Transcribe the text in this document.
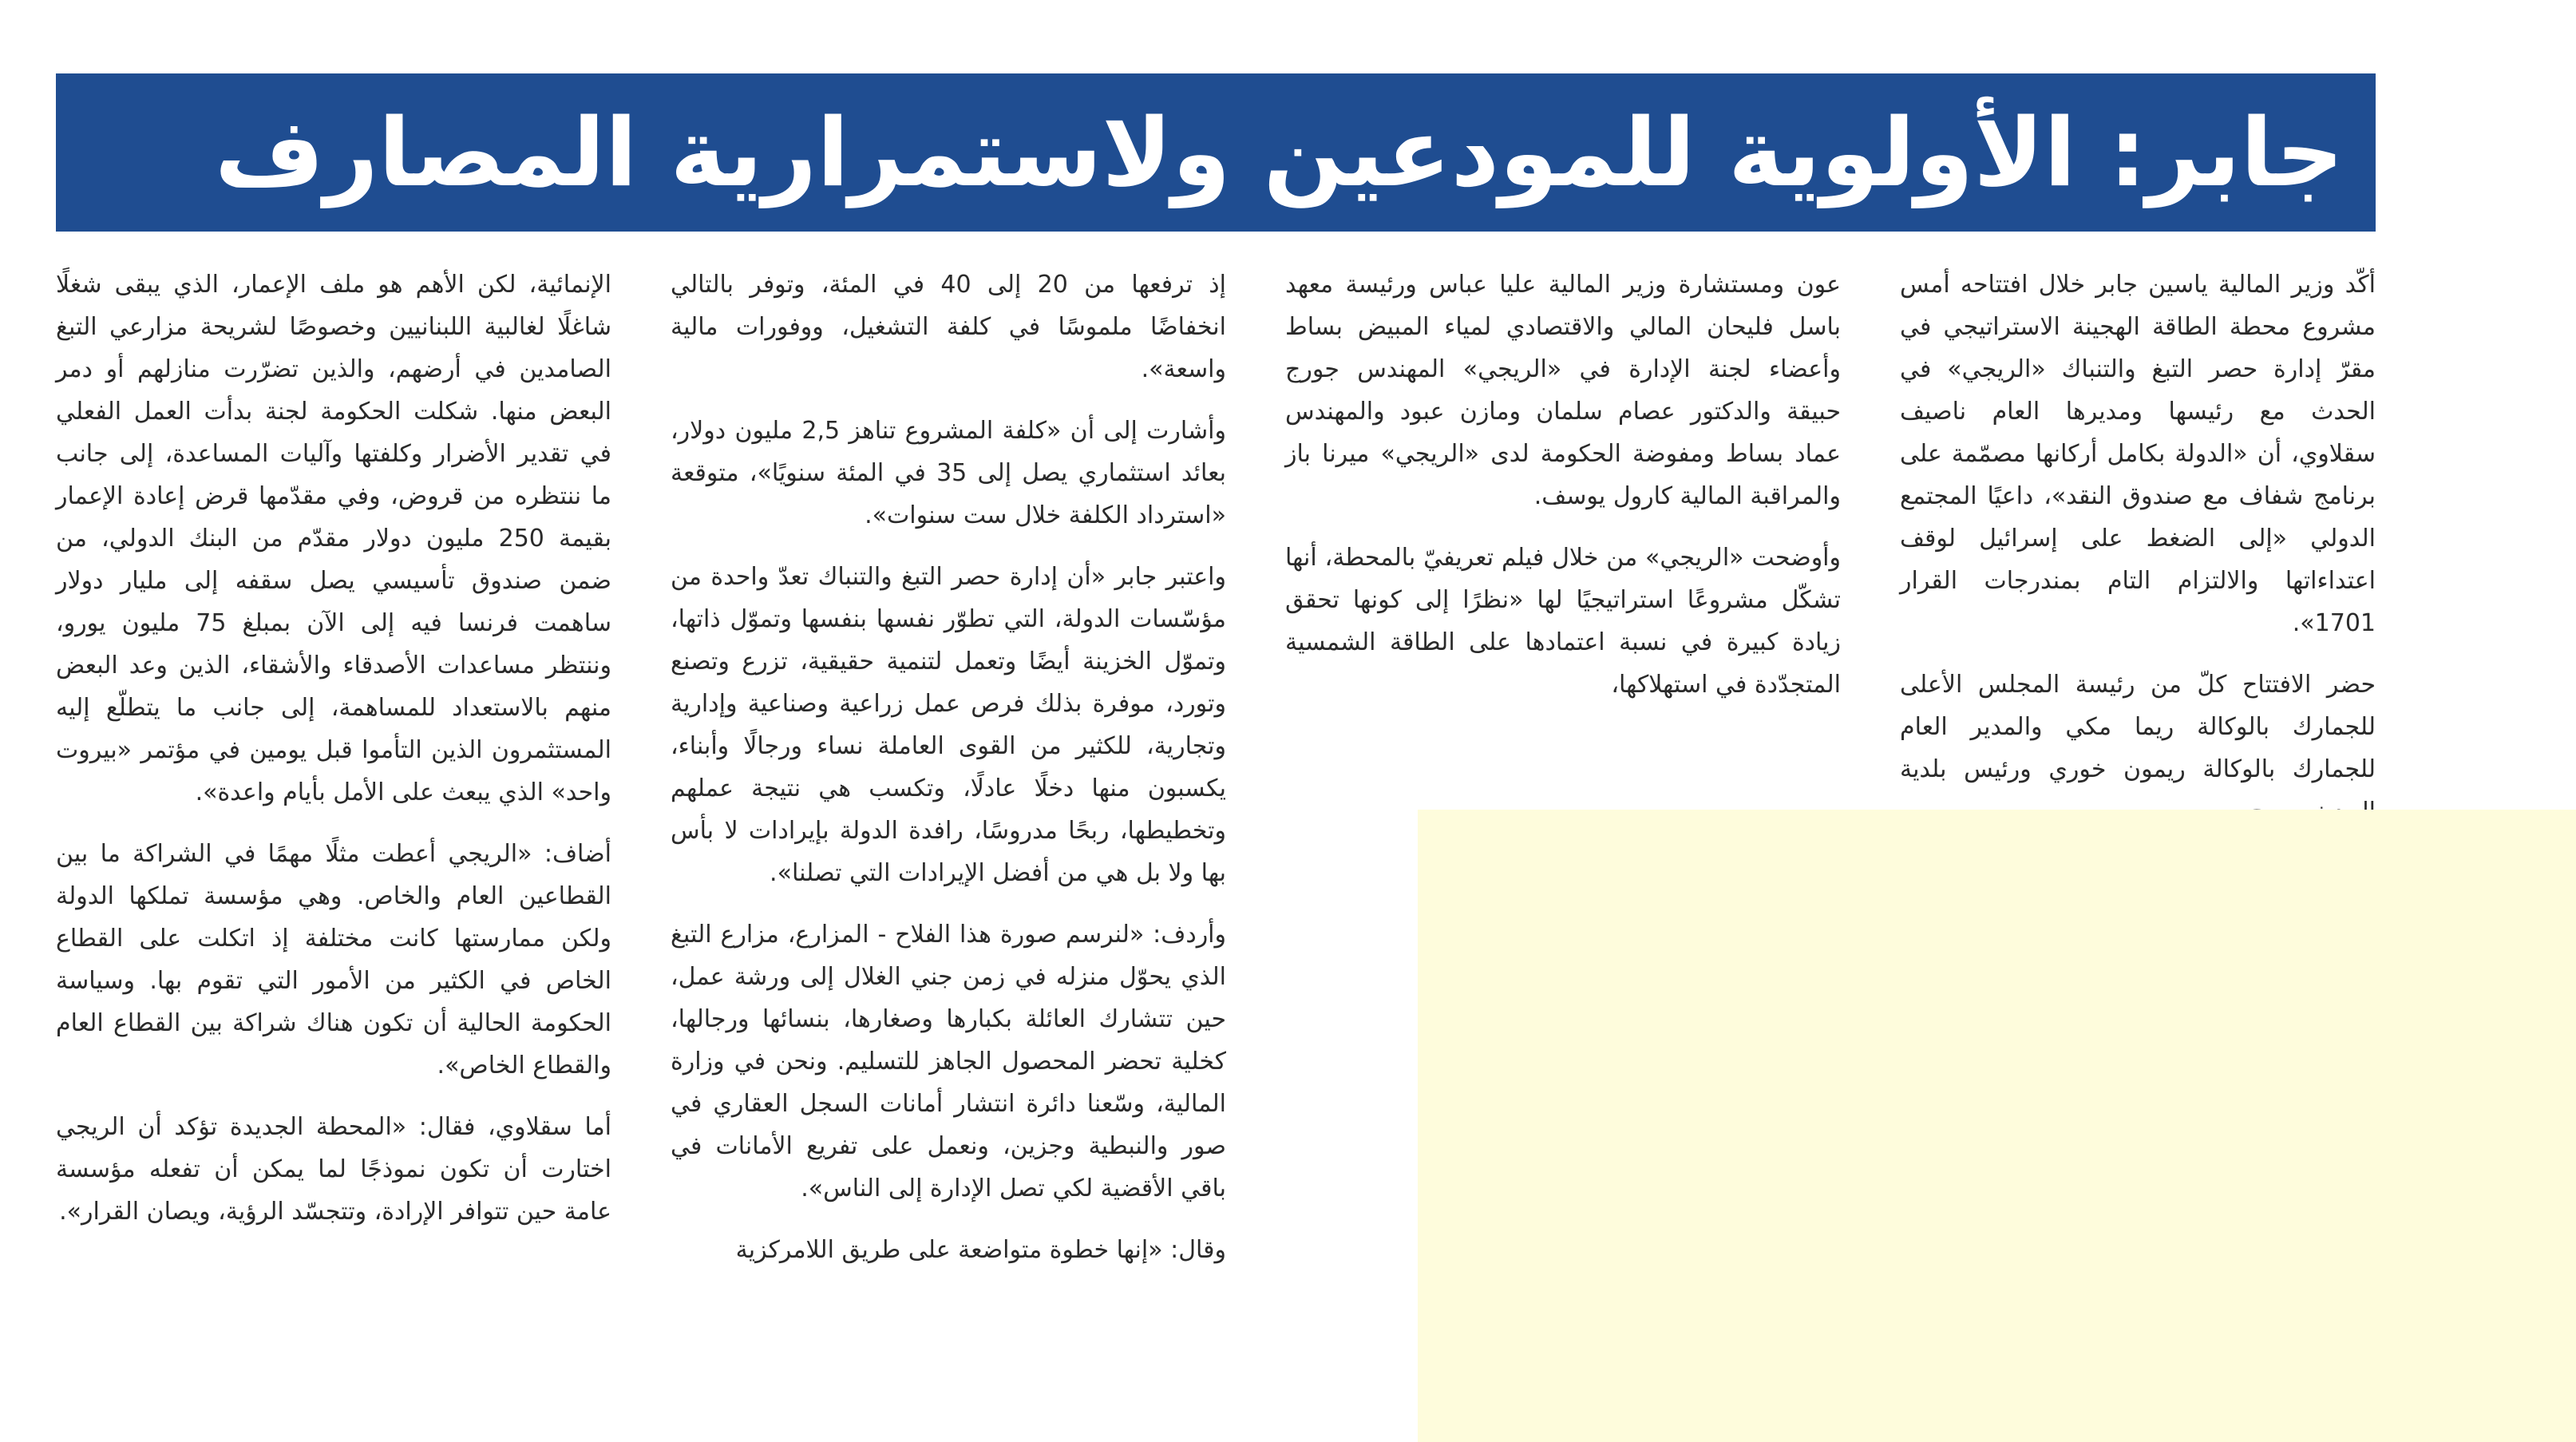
جابر: الأولوية للمودعين ولاستمرارية المصارف

أكّد وزير المالية ياسين جابر خلال افتتاحه أمس مشروع محطة الطاقة الهجينة الاستراتيجي في مقرّ إدارة حصر التبغ والتنباك «الريجي» في الحدث مع رئيسها ومديرها العام ناصيف سقلاوي، أن «الدولة بكامل أركانها مصمّمة على برنامج شفاف مع صندوق النقد»، داعيًا المجتمع الدولي «إلى الضغط على إسرائيل لوقف اعتداءاتها والالتزام التام بمندرجات القرار 1701».

حضر الافتتاح كلّ من رئيسة المجلس الأعلى للجمارك بالوكالة ريما مكي والمدير العام للجمارك بالوكالة ريمون خوري ورئيس بلدية

عون ومستشارة وزير المالية عليا عباس ورئيسة معهد باسل فليحان المالي والاقتصادي لمياء المبيض بساط وأعضاء لجنة الإدارة في «الريجي» المهندس جورج حبيقة والدكتور عصام سلمان ومازن عبود والمهندس عماد بساط ومفوضة الحكومة لدى «الريجي» ميرنا باز والمراقبة المالية كارول يوسف.

وأوضحت «الريجي» من خلال فيلم تعريفيّ بالمحطة، أنها تشكّل مشروعًا استراتيجيًا لها «نظرًا إلى كونها تحقق زيادة كبيرة في نسبة اعتمادها على الطاقة الشمسية المتجدّدة في استهلاكها،

إذ ترفعها من 20 إلى 40 في المئة، وتوفر بالتالي انخفاضًا ملموسًا في كلفة التشغيل، ووفورات مالية واسعة».

وأشارت إلى أن «كلفة المشروع تناهز 2,5 مليون دولار، بعائد استثماري يصل إلى 35 في المئة سنويًا»، متوقعة «استرداد الكلفة خلال ست سنوات».

واعتبر جابر «أن إدارة حصر التبغ والتنباك تعدّ واحدة من مؤسّسات الدولة، التي تطوّر نفسها بنفسها وتموّل ذاتها، وتموّل الخزينة أيضًا وتعمل لتنمية حقيقية، تزرع وتصنع وتورد، موفرة بذلك فرص عمل زراعية وصناعية وإدارية وتجارية، للكثير من القوى العاملة نساء ورجالًا وأبناء، يكسبون منها دخلًا عادلًا، وتكسب هي نتيجة عملهم وتخطيطها، ربحًا مدروسًا، رافدة الدولة بإيرادات لا بأس بها ولا بل هي من أفضل الإيرادات التي تصلنا».

وأردف: «لنرسم صورة هذا الفلاح - المزارع، مزارع التبغ الذي يحوّل منزله في زمن جني الغلال إلى ورشة عمل، حين تتشارك العائلة بكبارها وصغارها، بنسائها ورجالها، كخلية تحضر المحصول الجاهز للتسليم. ونحن في وزارة المالية، وسّعنا دائرة انتشار أمانات السجل العقاري في صور والنبطية وجزين، ونعمل على تفريع الأمانات في باقي الأقضية لكي تصل الإدارة إلى الناس».

وقال: «إنها خطوة متواضعة على طريق اللامركزية

الإنمائية، لكن الأهم هو ملف الإعمار، الذي يبقى شغلًا شاغلًا لغالبية اللبنانيين وخصوصًا لشريحة مزارعي التبغ الصامدين في أرضهم، والذين تضرّرت منازلهم أو دمر البعض منها. شكلت الحكومة لجنة بدأت العمل الفعلي في تقدير الأضرار وكلفتها وآليات المساعدة، إلى جانب ما ننتظره من قروض، وفي مقدّمها قرض إعادة الإعمار بقيمة 250 مليون دولار مقدّم من البنك الدولي، من ضمن صندوق تأسيسي يصل سقفه إلى مليار دولار ساهمت فرنسا فيه إلى الآن بمبلغ 75 مليون يورو، وننتظر مساعدات الأصدقاء والأشقاء، الذين وعد البعض منهم بالاستعداد للمساهمة، إلى جانب ما يتطلّع إليه المستثمرون الذين التأموا قبل يومين في مؤتمر «بيروت واحد» الذي يبعث على الأمل بأيام واعدة».

أضاف: «الريجي أعطت مثلًا مهمًا في الشراكة ما بين القطاعين العام والخاص. وهي مؤسسة تملكها الدولة ولكن ممارستها كانت مختلفة إذ اتكلت على القطاع الخاص في الكثير من الأمور التي تقوم بها. وسياسة الحكومة الحالية أن تكون هناك شراكة بين القطاع العام والقطاع الخاص».

أما سقلاوي، فقال: «المحطة الجديدة تؤكد أن الريجي اختارت أن تكون نموذجًا لما يمكن أن تفعله مؤسسة عامة حين تتوافر الإرادة، وتتجسّد الرؤية، ويصان القرار».
